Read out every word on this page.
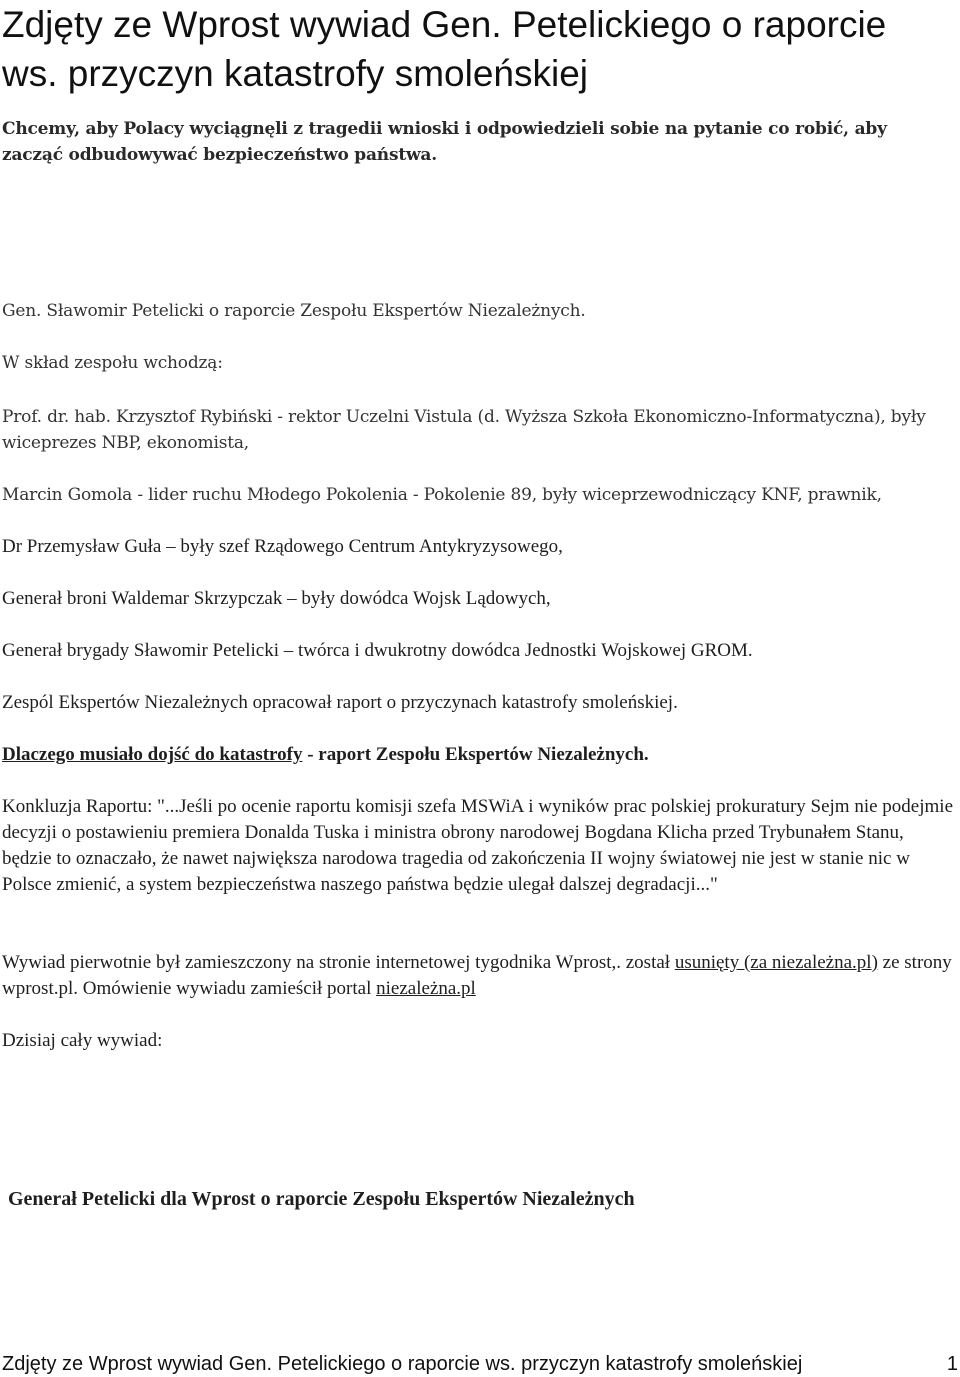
Zdjęty ze Wprost wywiad Gen. Petelickiego o raporcie ws. przyczyn katastrofy smoleńskiej

Chcemy, aby Polacy wyciągnęli z tragedii wnioski i odpowiedzieli sobie na pytanie co robić, aby zacząć odbudowywać bezpieczeństwo państwa.

Gen. Sławomir Petelicki o raporcie Zespołu Ekspertów Niezależnych.

W skład zespołu wchodzą:

Prof. dr. hab. Krzysztof Rybiński - rektor Uczelni Vistula (d. Wyższa Szkoła Ekonomiczno-Informatyczna), były wiceprezes NBP, ekonomista,

Marcin Gomola - lider ruchu Młodego Pokolenia - Pokolenie 89, były wiceprzewodniczący KNF, prawnik,

Dr Przemysław Guła – były szef Rządowego Centrum Antykryzysowego,

Generał broni Waldemar Skrzypczak – były dowódca Wojsk Lądowych,

Generał brygady Sławomir Petelicki – twórca i dwukrotny dowódca Jednostki Wojskowej GROM.

Zespól Ekspertów Niezależnych opracował raport o przyczynach katastrofy smoleńskiej.

Dlaczego musiało dojść do katastrofy - raport Zespołu Ekspertów Niezależnych.

Konkluzja Raportu: "...Jeśli po ocenie raportu komisji szefa MSWiA i wyników prac polskiej prokuratury Sejm nie podejmie decyzji o postawieniu premiera Donalda Tuska i ministra obrony narodowej Bogdana Klicha przed Trybunałem Stanu, będzie to oznaczało, że nawet największa narodowa tragedia od zakończenia II wojny światowej nie jest w stanie nic w Polsce zmienić, a system bezpieczeństwa naszego państwa będzie ulegał dalszej degradacji..."

Wywiad pierwotnie był zamieszczony na stronie internetowej tygodnika Wprost,. został usunięty (za niezależna.pl) ze strony wprost.pl. Omówienie wywiadu zamieścił portal niezależna.pl

Dzisiaj cały wywiad:

Generał Petelicki dla Wprost o raporcie Zespołu Ekspertów Niezależnych

Zdjęty ze Wprost wywiad Gen. Petelickiego o raporcie ws. przyczyn katastrofy smoleńskiej	1
